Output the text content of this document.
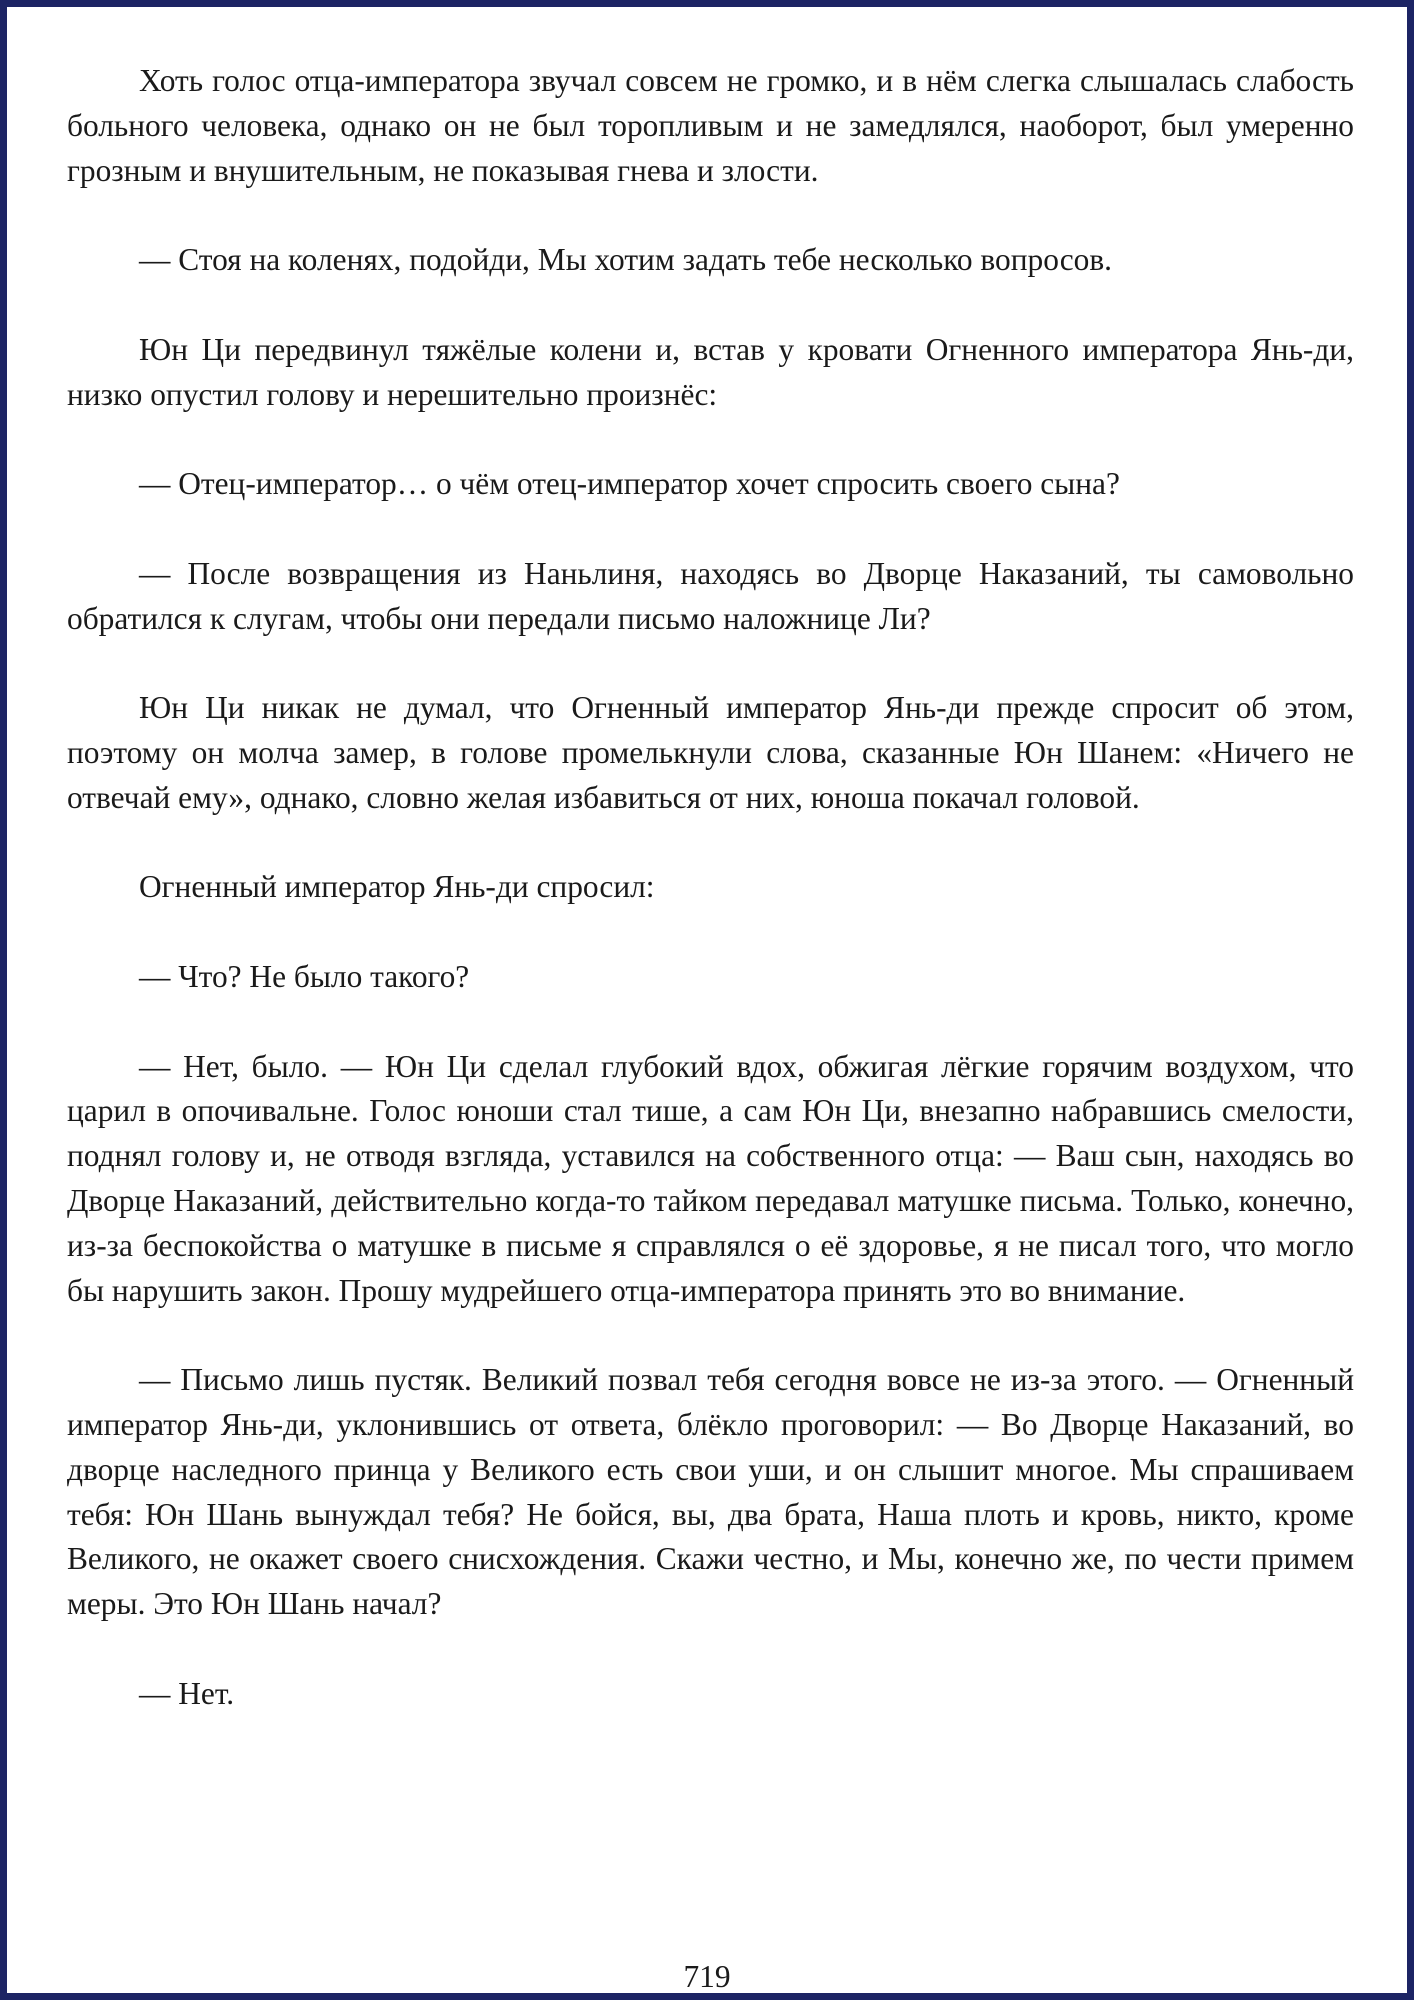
Хоть голос отца-императора звучал совсем не громко, и в нём слегка слышалась слабость больного человека, однако он не был торопливым и не замедлялся, наоборот, был умеренно грозным и внушительным, не показывая гнева и злости.

— Стоя на коленях, подойди, Мы хотим задать тебе несколько вопросов.

Юн Ци передвинул тяжёлые колени и, встав у кровати Огненного императора Янь-ди, низко опустил голову и нерешительно произнёс:

— Отец-император… о чём отец-император хочет спросить своего сына?

— После возвращения из Наньлиня, находясь во Дворце Наказаний, ты самовольно обратился к слугам, чтобы они передали письмо наложнице Ли?

Юн Ци никак не думал, что Огненный император Янь-ди прежде спросит об этом, поэтому он молча замер, в голове промелькнули слова, сказанные Юн Шанем: «Ничего не отвечай ему», однако, словно желая избавиться от них, юноша покачал головой.

Огненный император Янь-ди спросил:

— Что? Не было такого?

— Нет, было. — Юн Ци сделал глубокий вдох, обжигая лёгкие горячим воздухом, что царил в опочивальне. Голос юноши стал тише, а сам Юн Ци, внезапно набравшись смелости, поднял голову и, не отводя взгляда, уставился на собственного отца: — Ваш сын, находясь во Дворце Наказаний, действительно когда-то тайком передавал матушке письма. Только, конечно, из-за беспокойства о матушке в письме я справлялся о её здоровье, я не писал того, что могло бы нарушить закон. Прошу мудрейшего отца-императора принять это во внимание.

— Письмо лишь пустяк. Великий позвал тебя сегодня вовсе не из-за этого. — Огненный император Янь-ди, уклонившись от ответа, блёкло проговорил: — Во Дворце Наказаний, во дворце наследного принца у Великого есть свои уши, и он слышит многое. Мы спрашиваем тебя: Юн Шань вынуждал тебя? Не бойся, вы, два брата, Наша плоть и кровь, никто, кроме Великого, не окажет своего снисхождения. Скажи честно, и Мы, конечно же, по чести примем меры. Это Юн Шань начал?

— Нет.

719
